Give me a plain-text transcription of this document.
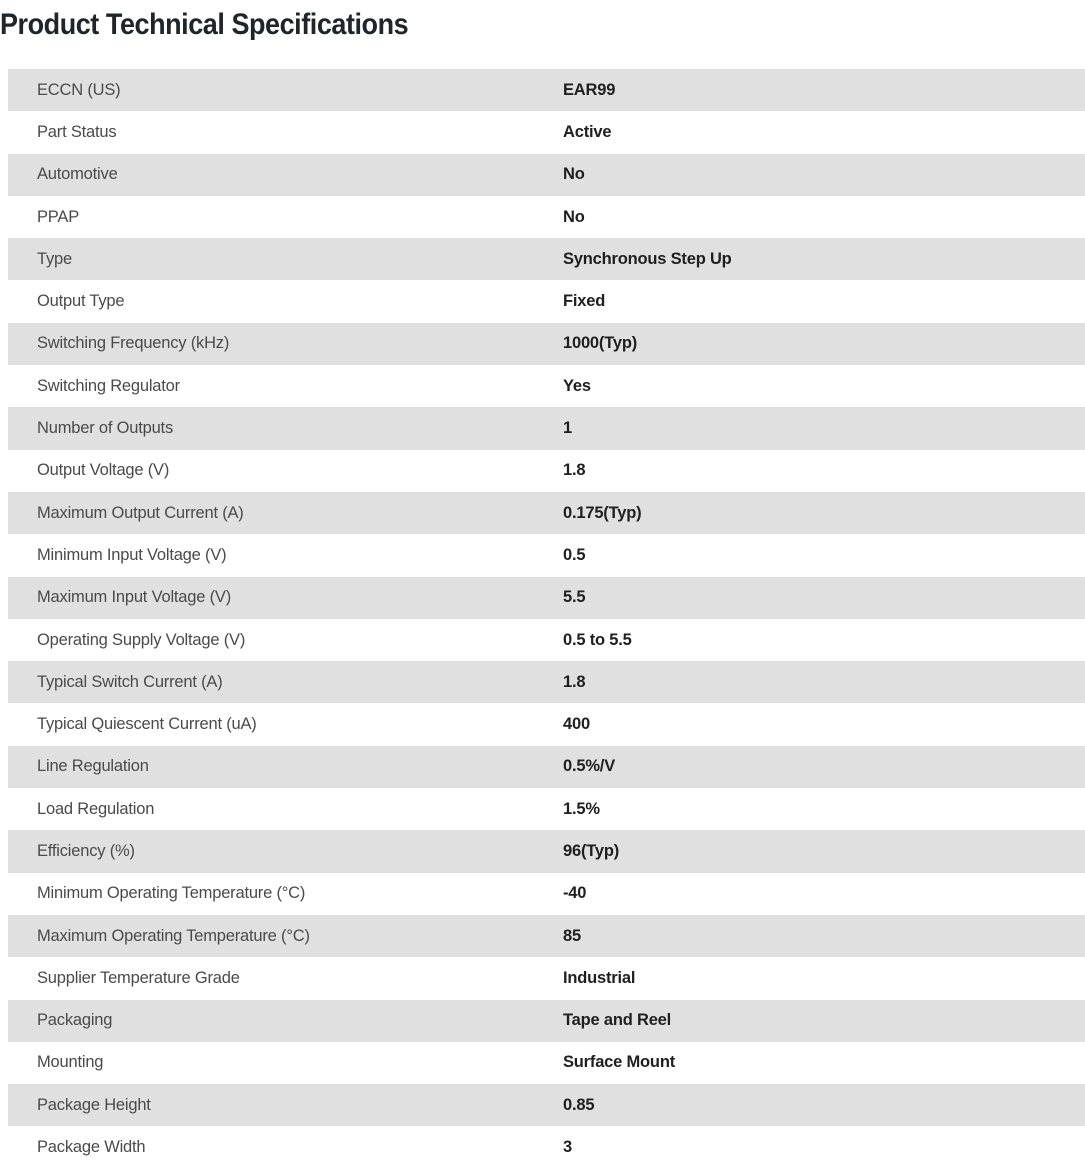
Product Technical Specifications
ECCN (US)	EAR99
Part Status	Active
Automotive	No
PPAP	No
Type	Synchronous Step Up
Output Type	Fixed
Switching Frequency (kHz)	1000(Typ)
Switching Regulator	Yes
Number of Outputs	1
Output Voltage (V)	1.8
Maximum Output Current (A)	0.175(Typ)
Minimum Input Voltage (V)	0.5
Maximum Input Voltage (V)	5.5
Operating Supply Voltage (V)	0.5 to 5.5
Typical Switch Current (A)	1.8
Typical Quiescent Current (uA)	400
Line Regulation	0.5%/V
Load Regulation	1.5%
Efficiency (%)	96(Typ)
Minimum Operating Temperature (°C)	-40
Maximum Operating Temperature (°C)	85
Supplier Temperature Grade	Industrial
Packaging	Tape and Reel
Mounting	Surface Mount
Package Height	0.85
Package Width	3
